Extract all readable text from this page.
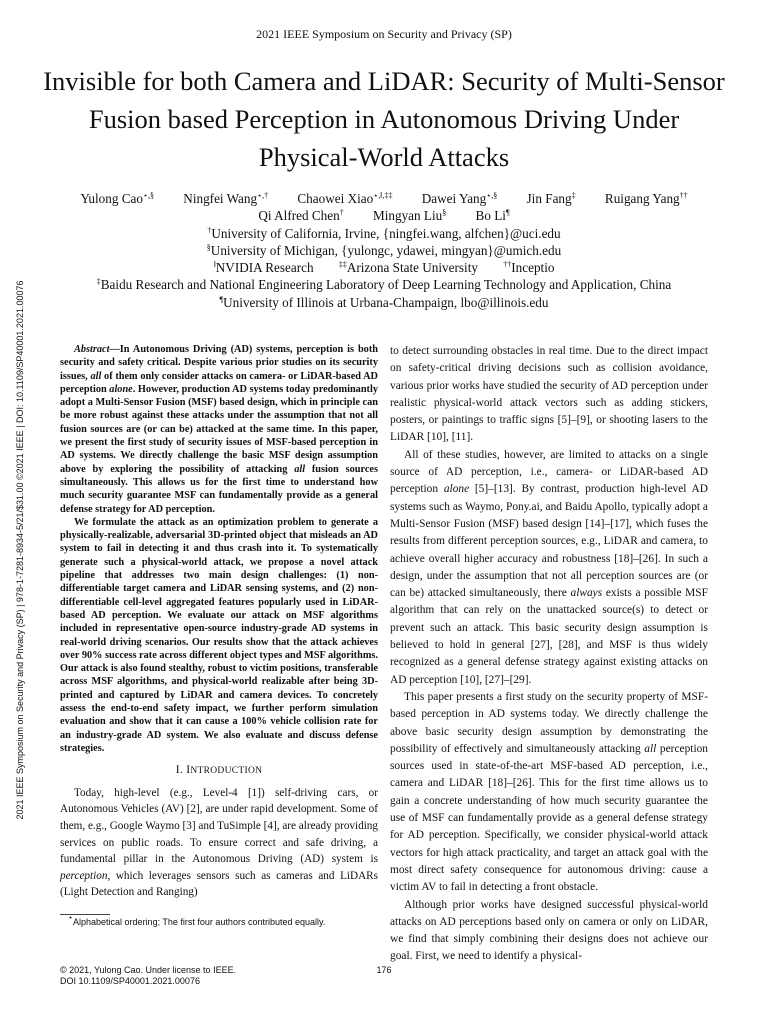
2021 IEEE Symposium on Security and Privacy (SP)
Invisible for both Camera and LiDAR: Security of Multi-Sensor Fusion based Perception in Autonomous Driving Under Physical-World Attacks
Yulong Cao⋆,§ Ningfei Wang⋆,† Chaowei Xiao⋆,‖,‡‡ Dawei Yang⋆,§ Jin Fang‡ Ruigang Yang††
Qi Alfred Chen† Mingyan Liu§ Bo Li¶
†University of California, Irvine, {ningfei.wang, alfchen}@uci.edu
§University of Michigan, {yulongc, ydawei, mingyan}@umich.edu
‖NVIDIA Research	‡‡Arizona State University	††Inceptio
‡Baidu Research and National Engineering Laboratory of Deep Learning Technology and Application, China
¶University of Illinois at Urbana-Champaign, lbo@illinois.edu
2021 IEEE Symposium on Security and Privacy (SP) | 978-1-7281-8934-5/21/$31.00 ©2021 IEEE | DOI: 10.1109/SP40001.2021.00076	Abstract—In Autonomous Driving (AD) systems, perception is both security and safety critical. Despite various prior studies on its security issues, all of them only consider attacks on camera- or LiDAR-based AD perception alone. However, production AD systems today predominantly adopt a Multi-Sensor Fusion (MSF) based design, which in principle can be more robust against these attacks under the assumption that not all fusion sources are (or can be) attacked at the same time. In this paper, we present the first study of security issues of MSF-based perception in AD systems. We directly challenge the basic MSF design assumption above by exploring the possibility of attacking all fusion sources simultaneously. This allows us for the first time to understand how much security guarantee MSF can fundamentally provide as a general defense strategy for AD perception.

We formulate the attack as an optimization problem to generate a physically-realizable, adversarial 3D-printed object that misleads an AD system to fail in detecting it and thus crash into it. To systematically generate such a physical-world attack, we propose a novel attack pipeline that addresses two main design challenges: (1) non-differentiable target camera and LiDAR sensing systems, and (2) non-differentiable cell-level aggregated features popularly used in LiDAR-based AD perception. We evaluate our attack on MSF algorithms included in representative open-source industry-grade AD systems in real-world driving scenarios. Our results show that the attack achieves over 90% success rate across different object types and MSF algorithms. Our attack is also found stealthy, robust to victim positions, transferable across MSF algorithms, and physical-world realizable after being 3D-printed and captured by LiDAR and camera devices. To concretely assess the end-to-end safety impact, we further perform simulation evaluation and show that it can cause a 100% vehicle collision rate for an industry-grade AD system. We also evaluate and discuss defense strategies.

I. INTRODUCTION

Today, high-level (e.g., Level-4 [1]) self-driving cars, or Autonomous Vehicles (AV) [2], are under rapid development. Some of them, e.g., Google Waymo [3] and TuSimple [4], are already providing services on public roads. To ensure correct and safe driving, a fundamental pillar in the Autonomous Driving (AD) system is perception, which leverages sensors such as cameras and LiDARs (Light Detection and Ranging)

to detect surrounding obstacles in real time. Due to the direct impact on safety-critical driving decisions such as collision avoidance, various prior works have studied the security of AD perception under realistic physical-world attack vectors such as adding stickers, posters, or paintings to traffic signs [5]–[9], or shooting lasers to the LiDAR [10], [11].

All of these studies, however, are limited to attacks on a single source of AD perception, i.e., camera- or LiDAR-based AD perception alone [5]–[13]. By contrast, production high-level AD systems such as Waymo, Pony.ai, and Baidu Apollo, typically adopt a Multi-Sensor Fusion (MSF) based design [14]–[17], which fuses the results from different perception sources, e.g., LiDAR and camera, to achieve overall higher accuracy and robustness [18]–[26]. In such a design, under the assumption that not all perception sources are (or can be) attacked simultaneously, there always exists a possible MSF algorithm that can rely on the unattacked source(s) to detect or prevent such an attack. This basic security design assumption is believed to hold in general [27], [28], and MSF is thus widely recognized as a general defense strategy against existing attacks on AD perception [10], [27]–[29].

This paper presents a first study on the security property of MSF-based perception in AD systems today. We directly challenge the above basic security design assumption by demonstrating the possibility of effectively and simultaneously attacking all perception sources used in state-of-the-art MSF-based AD perception, i.e., camera and LiDAR [18]–[26]. This for the first time allows us to gain a concrete understanding of how much security guarantee the use of MSF can fundamentally provide as a general defense strategy for AD perception. Specifically, we consider physical-world attack vectors for high attack practicality, and target an attack goal with the most direct safety consequence for autonomous driving: cause a victim AV to fail in detecting a front obstacle.

Although prior works have designed successful physical-world attacks on AD perceptions based only on camera or only on LiDAR, we find that simply combining their designs does not achieve our goal. First, we need to identify a physical-

⋆Alphabetical ordering; The first four authors contributed equally.
© 2021, Yulong Cao. Under license to IEEE.
DOI 10.1109/SP40001.2021.00076
176
